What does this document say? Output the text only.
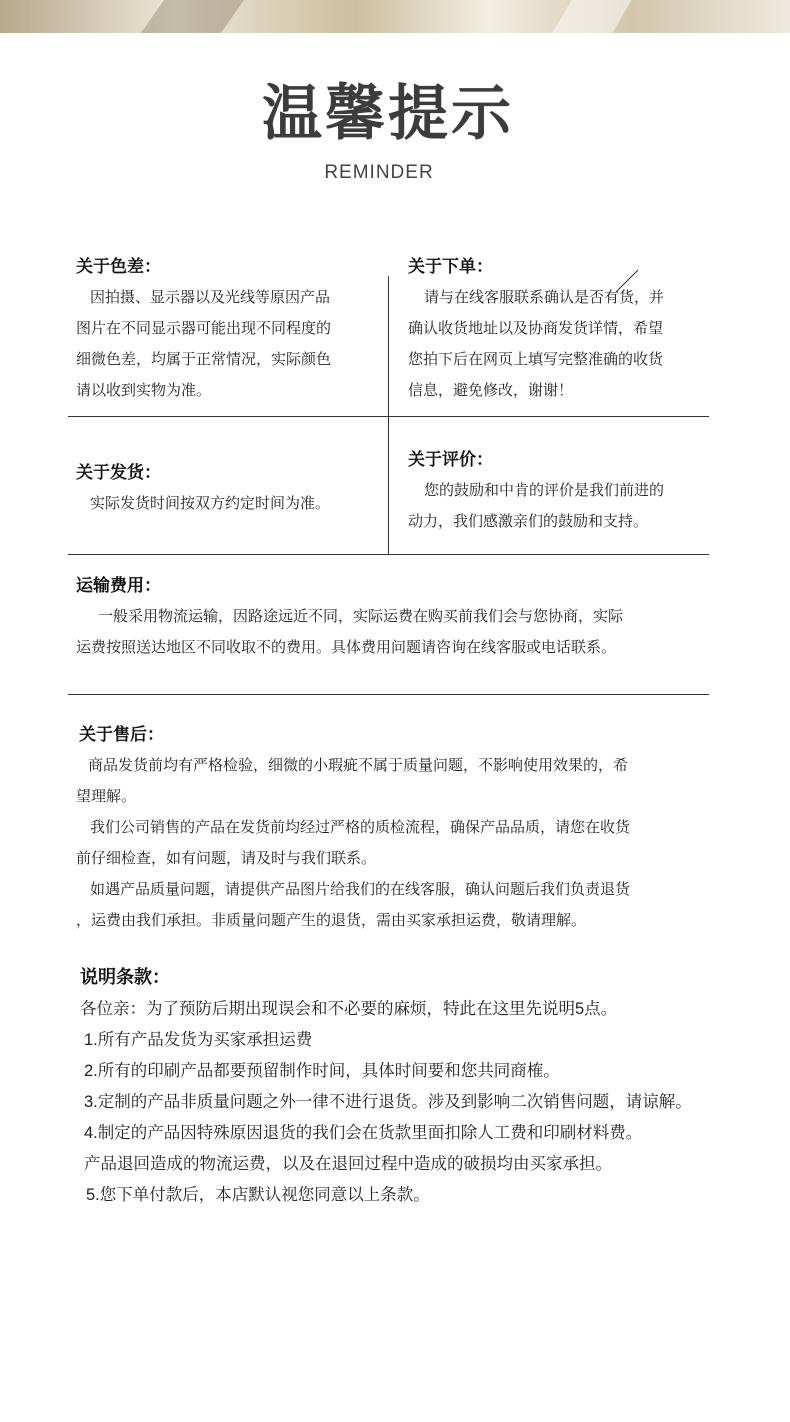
温馨提示
REMINDER
关于色差：

因拍摄、显示器以及光线等原因产品

图片在不同显示器可能出现不同程度的

细微色差，均属于正常情况，实际颜色

请以收到实物为准。

关于下单：

请与在线客服联系确认是否有货，并

确认收货地址以及协商发货详情，希望

您拍下后在网页上填写完整准确的收货

信息，避免修改，谢谢！

关于发货：

实际发货时间按双方约定时间为准。

关于评价：

您的鼓励和中肯的评价是我们前进的

动力，我们感激亲们的鼓励和支持。

运输费用：

一般采用物流运输，因路途远近不同，实际运费在购买前我们会与您协商，实际

运费按照送达地区不同收取不的费用。具体费用问题请咨询在线客服或电话联系。

关于售后：

商品发货前均有严格检验，细微的小瑕疵不属于质量问题，不影响使用效果的，希

望理解。

我们公司销售的产品在发货前均经过严格的质检流程，确保产品品质，请您在收货

前仔细检查，如有问题，请及时与我们联系。

如遇产品质量问题，请提供产品图片给我们的在线客服，确认问题后我们负责退货

，运费由我们承担。非质量问题产生的退货，需由买家承担运费，敬请理解。

说明条款：

各位亲：为了预防后期出现误会和不必要的麻烦，特此在这里先说明5点。

1.所有产品发货为买家承担运费

2.所有的印刷产品都要预留制作时间，具体时间要和您共同商榷。

3.定制的产品非质量问题之外一律不进行退货。涉及到影响二次销售问题，请谅解。

4.制定的产品因特殊原因退货的我们会在货款里面扣除人工费和印刷材料费。

产品退回造成的物流运费，以及在退回过程中造成的破损均由买家承担。

5.您下单付款后，本店默认视您同意以上条款。
